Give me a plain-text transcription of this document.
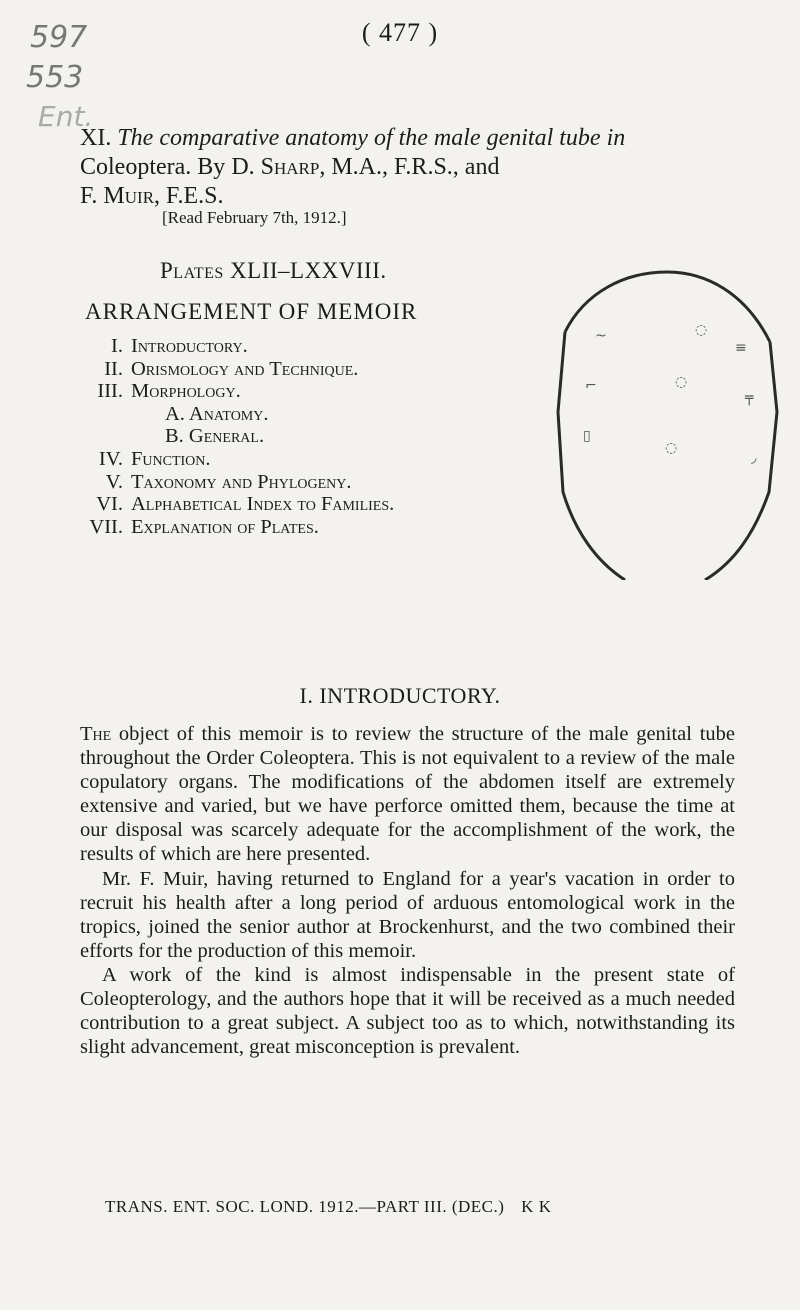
597
553
Ent.
( 477 )
XI. The comparative anatomy of the male genital tube in
Coleoptera. By D. Sharp, M.A., F.R.S., and
F. Muir, F.E.S.
[Read February 7th, 1912.]
Plates XLII–LXXVIII.
ARRANGEMENT OF MEMOIR
~	◌
≡
⌐	◌
╤
▯
◌
◞
I. Introductory.
II. Orismology and Technique.
III. Morphology.
A. Anatomy.
B. General.
IV. Function.
V. Taxonomy and Phylogeny.
VI. Alphabetical Index to Families.
VII. Explanation of Plates.
I. INTRODUCTORY.

The object of this memoir is to review the structure of the male genital tube throughout the Order Coleoptera. This is not equivalent to a review of the male copulatory organs. The modifications of the abdomen itself are extremely extensive and varied, but we have perforce omitted them, because the time at our disposal was scarcely adequate for the accomplishment of the work, the results of which are here presented.

Mr. F. Muir, having returned to England for a year's vacation in order to recruit his health after a long period of arduous entomological work in the tropics, joined the senior author at Brockenhurst, and the two combined their efforts for the production of this memoir.

A work of the kind is almost indispensable in the present state of Coleopterology, and the authors hope that it will be received as a much needed contribution to a great subject. A subject too as to which, notwithstanding its slight advancement, great misconception is prevalent.

TRANS. ENT. SOC. LOND. 1912.—PART III. (DEC.) K K
